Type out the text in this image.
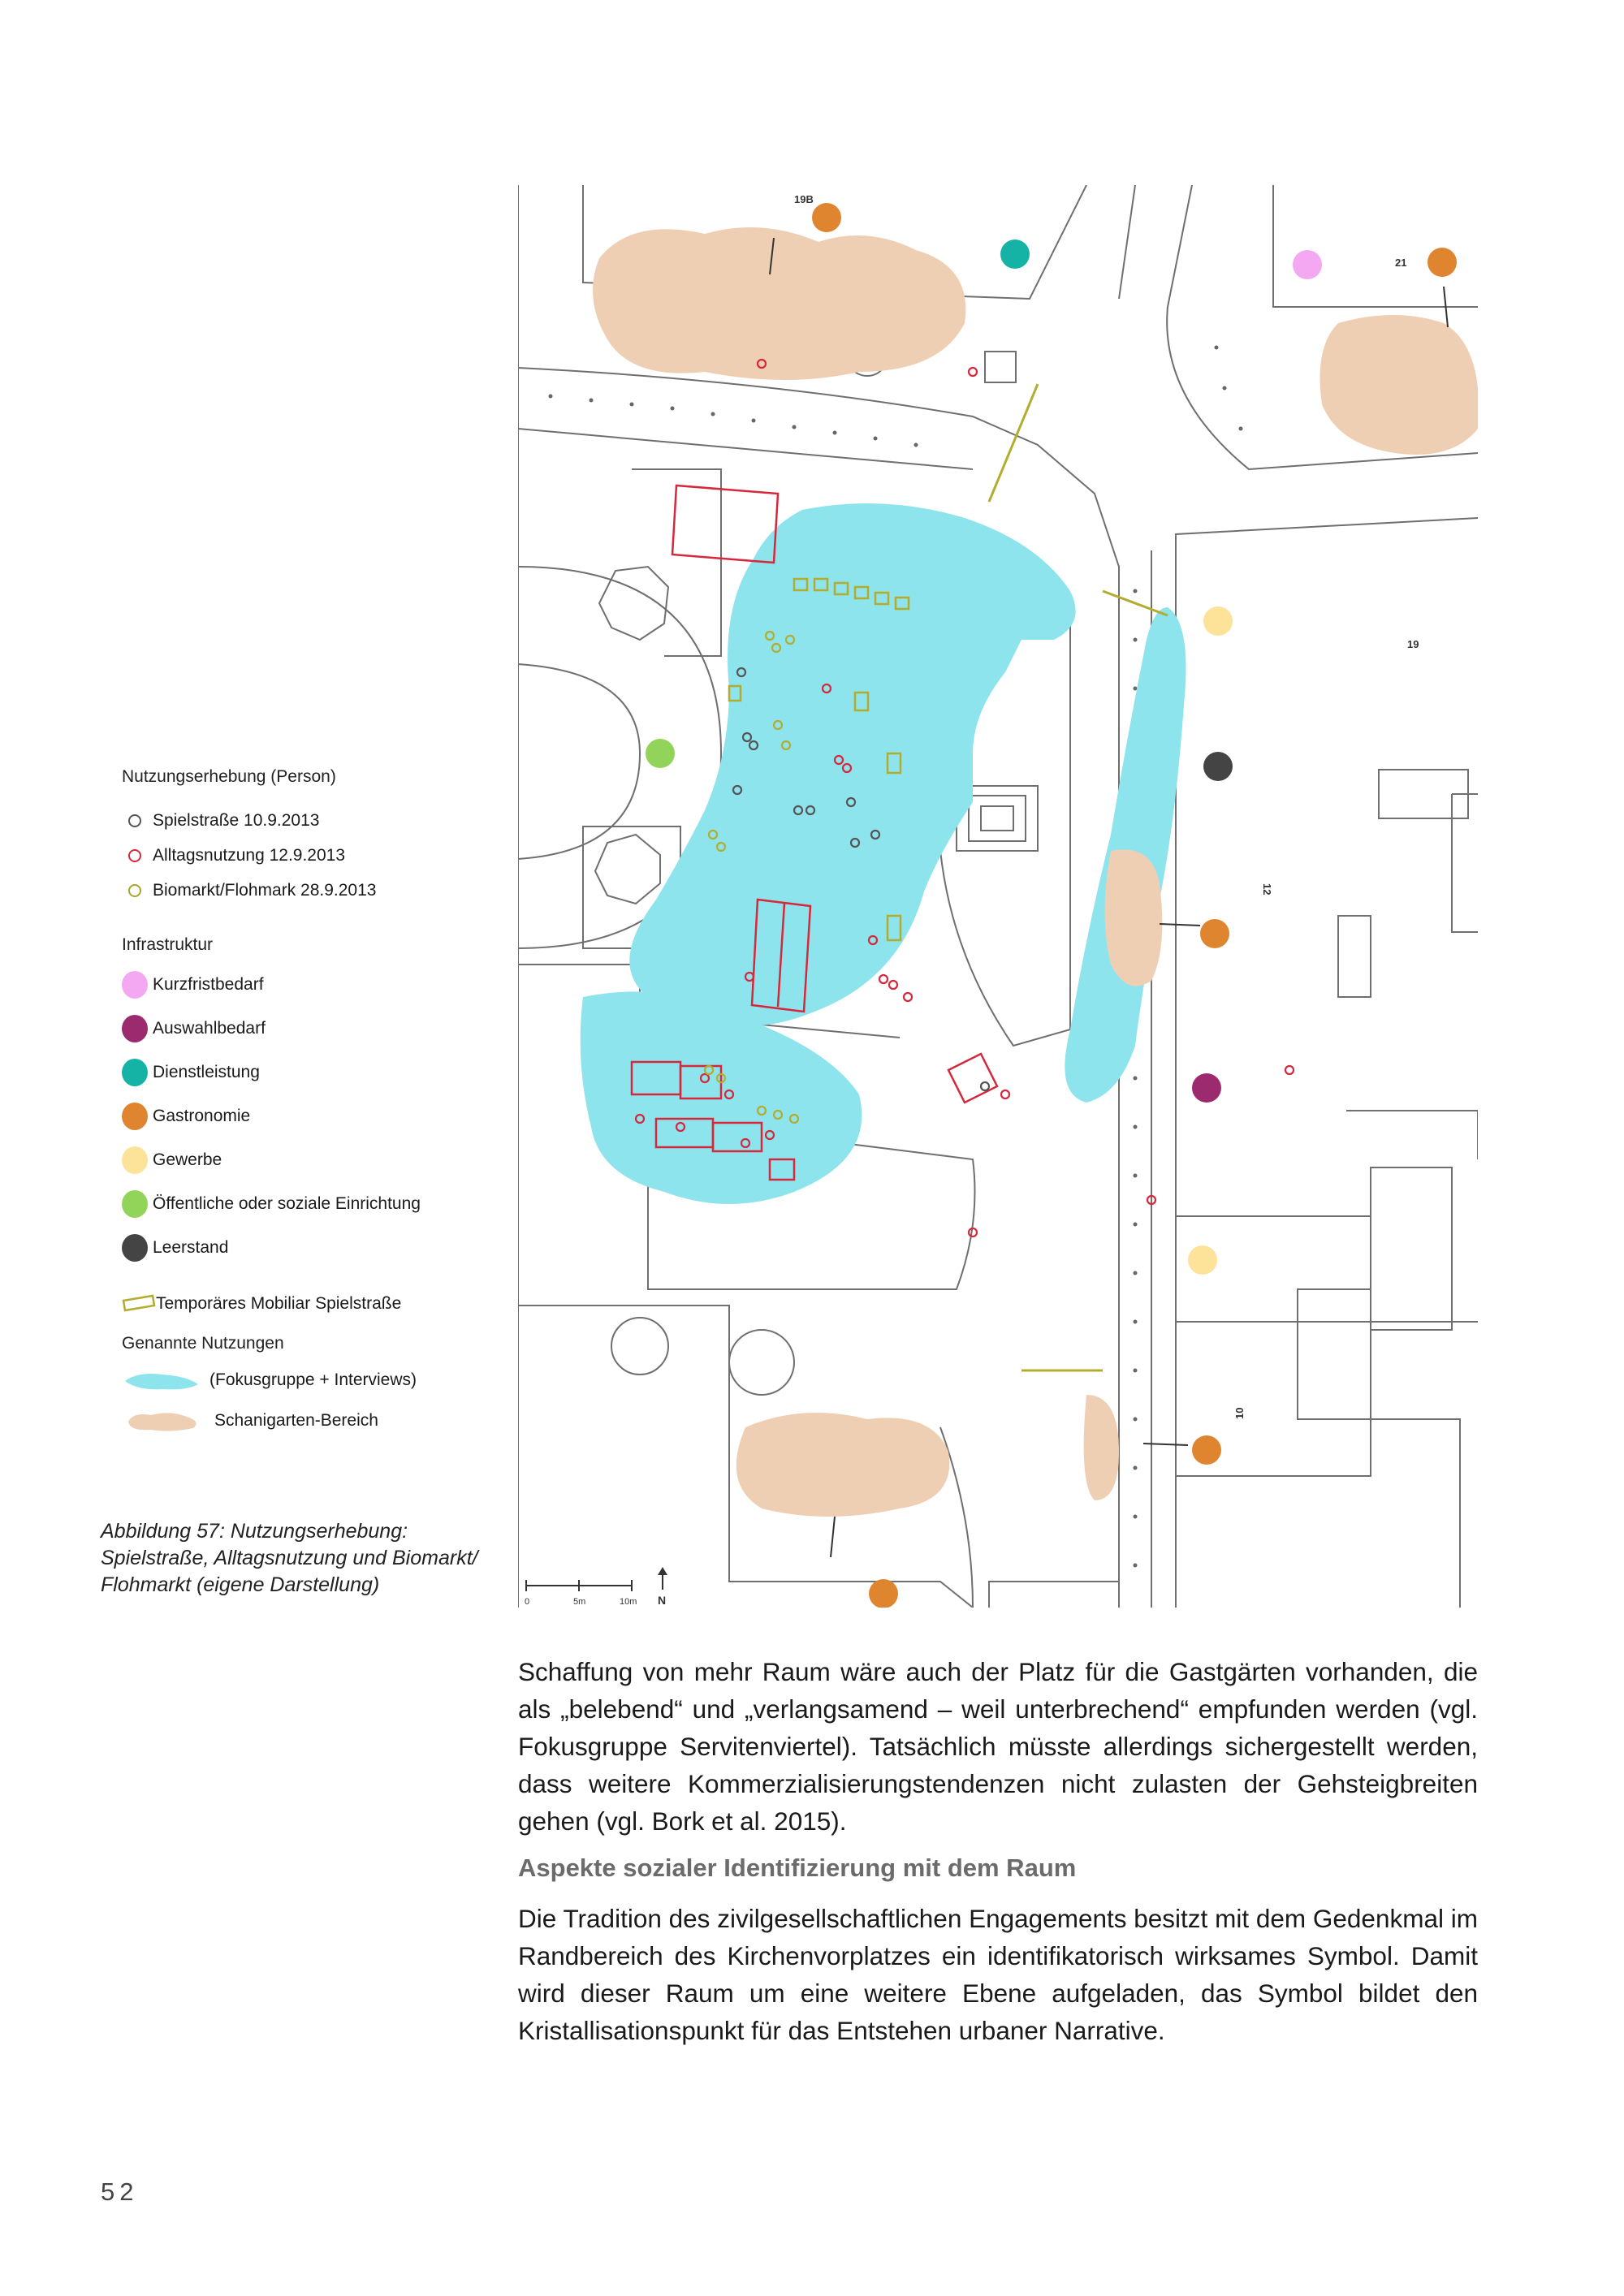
19B
21
19
12
10
0	5m	10m N
Nutzungserhebung (Person)
Spielstraße 10.9.2013
Alltagsnutzung 12.9.2013
Biomarkt/Flohmark 28.9.2013
Infrastruktur
Kurzfristbedarf
Auswahlbedarf
Dienstleistung
Gastronomie
Gewerbe
Öffentliche oder soziale Einrichtung
Leerstand
Temporäres Mobiliar Spielstraße
Genannte Nutzungen
(Fokusgruppe + Interviews)
Schanigarten-Bereich
Abbildung 57: Nutzungserhebung:
Spielstraße, Alltagsnutzung und Biomarkt/
Flohmarkt (eigene Darstellung)

Schaffung von mehr Raum wäre auch der Platz für die Gastgärten vorhanden, die als „belebend“ und „verlangsamend – weil unterbrechend“ empfunden werden (vgl. Fokusgruppe Servitenviertel). Tatsächlich müsste allerdings sichergestellt werden, dass weitere Kommerzialisierungstendenzen nicht zulasten der Gehsteigbreiten gehen (vgl. Bork et al. 2015).

Aspekte sozialer Identifizierung mit dem Raum

Die Tradition des zivilgesellschaftlichen Engagements besitzt mit dem Gedenkmal im Randbereich des Kirchenvorplatzes ein identifikatorisch wirksames Symbol. Damit wird dieser Raum um eine weitere Ebene aufgeladen, das Symbol bildet den Kristallisationspunkt für das Entstehen urbaner Narrative.

52
